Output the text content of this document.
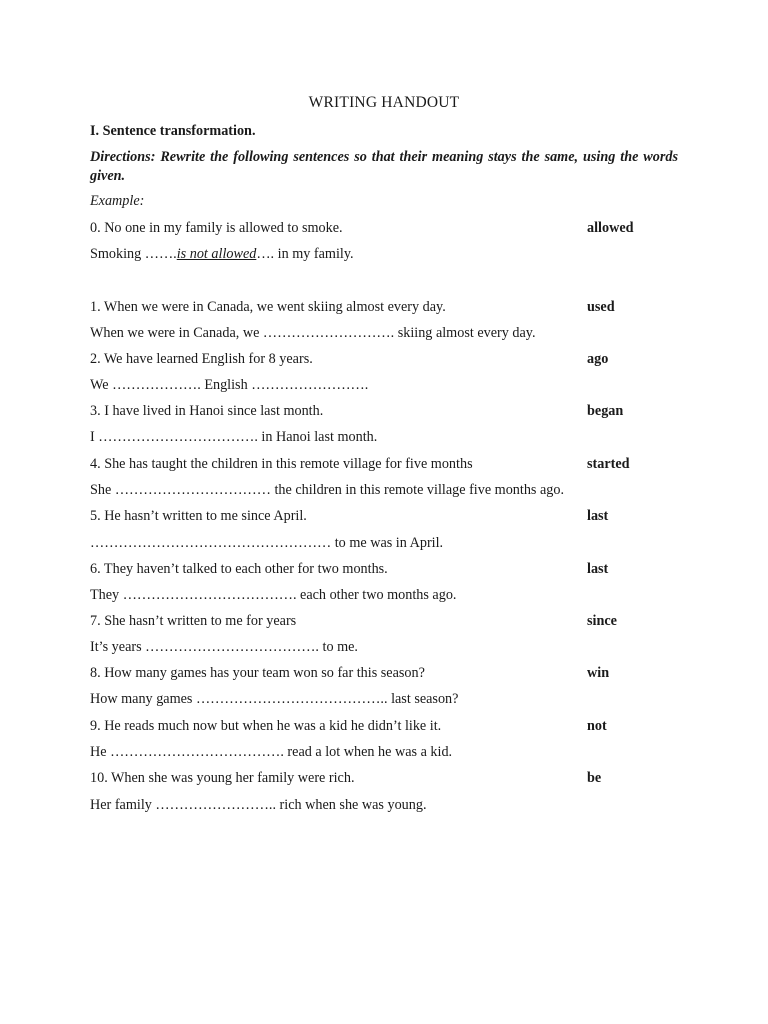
WRITING HANDOUT
I. Sentence transformation.
Directions: Rewrite the following sentences so that their meaning stays the same, using the words given.
Example:
0. No one in my family is allowed to smoke.	allowed
Smoking …….is not allowed…. in my family.
1. When we were in Canada, we went skiing almost every day.	used
When we were in Canada, we ………………………. skiing almost every day.
2. We have learned English for 8 years.	ago
We ………………. English …………………….
3. I have lived in Hanoi since last month.	began
I ……………………………. in Hanoi last month.
4. She has taught the children in this remote village for five months	started
She …………………………… the children in this remote village five months ago.
5. He hasn’t written to me since April.	last
…………………………………………… to me was in April.
6. They haven’t talked to each other for two months.	last
They ………………………………. each other two months ago.
7. She hasn’t written to me for years	since
It’s years ………………………………. to me.
8. How many games has your team won so far this season?	win
How many games ………………………………….. last season?
9. He reads much now but when he was a kid he didn’t like it.	not
He ………………………………. read a lot when he was a kid.
10. When she was young her family were rich.	be
Her family …………………….. rich when she was young.
